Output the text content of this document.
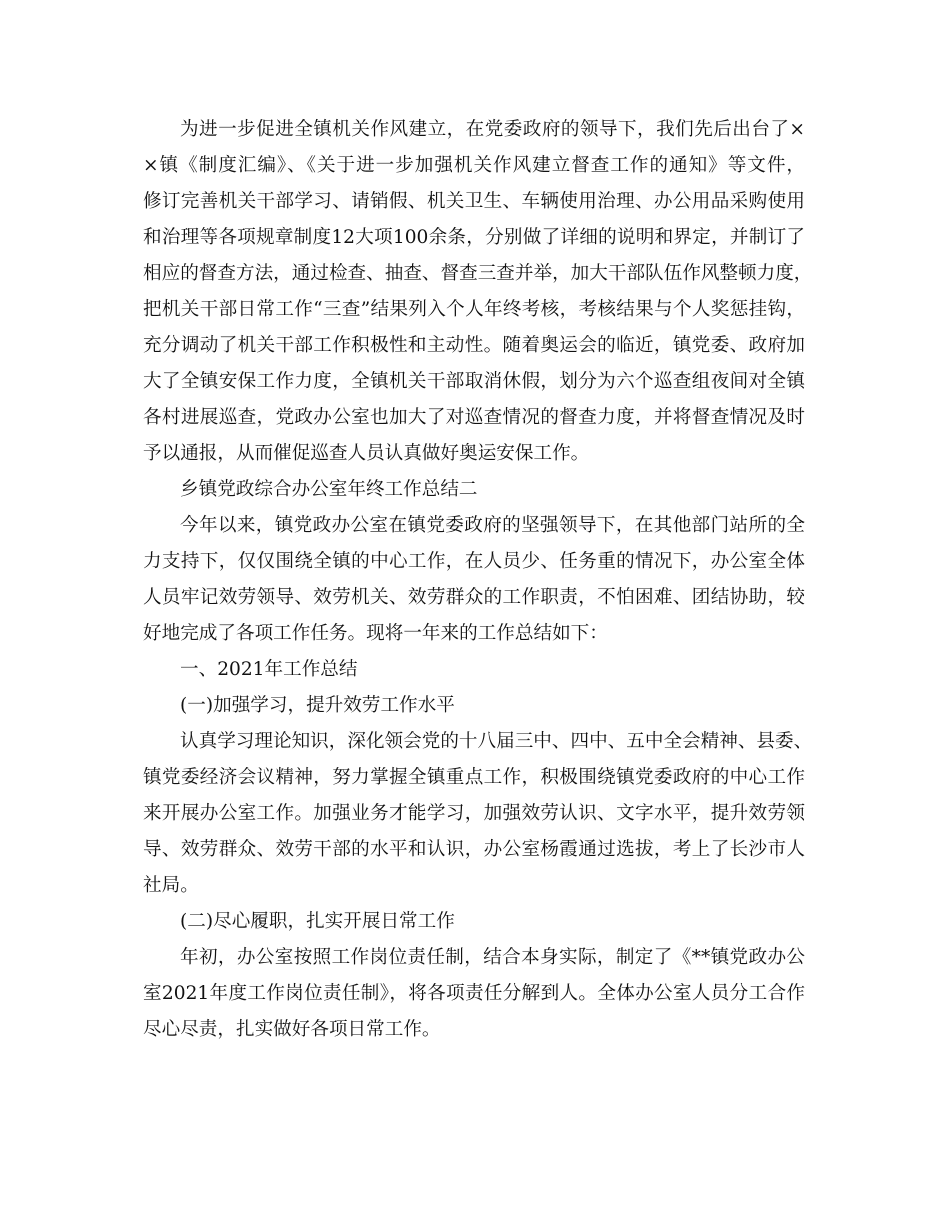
为进一步促进全镇机关作风建立，在党委政府的领导下，我们先后出台了×
×镇《制度汇编》、《关于进一步加强机关作风建立督查工作的通知》等文件，
修订完善机关干部学习、请销假、机关卫生、车辆使用治理、办公用品采购使用
和治理等各项规章制度12大项100余条，分别做了详细的说明和界定，并制订了
相应的督查方法，通过检查、抽查、督查三查并举，加大干部队伍作风整顿力度，
把机关干部日常工作“三查”结果列入个人年终考核，考核结果与个人奖惩挂钩，
充分调动了机关干部工作积极性和主动性。随着奥运会的临近，镇党委、政府加
大了全镇安保工作力度，全镇机关干部取消休假，划分为六个巡查组夜间对全镇
各村进展巡查，党政办公室也加大了对巡查情况的督查力度，并将督查情况及时
予以通报，从而催促巡查人员认真做好奥运安保工作。
乡镇党政综合办公室年终工作总结二
今年以来，镇党政办公室在镇党委政府的坚强领导下，在其他部门站所的全
力支持下，仅仅围绕全镇的中心工作，在人员少、任务重的情况下，办公室全体
人员牢记效劳领导、效劳机关、效劳群众的工作职责，不怕困难、团结协助，较
好地完成了各项工作任务。现将一年来的工作总结如下：
一、2021年工作总结
(一)加强学习，提升效劳工作水平
认真学习理论知识，深化领会党的十八届三中、四中、五中全会精神、县委、
镇党委经济会议精神，努力掌握全镇重点工作，积极围绕镇党委政府的中心工作
来开展办公室工作。加强业务才能学习，加强效劳认识、文字水平，提升效劳领
导、效劳群众、效劳干部的水平和认识，办公室杨霞通过选拔，考上了长沙市人
社局。
(二)尽心履职，扎实开展日常工作
年初，办公室按照工作岗位责任制，结合本身实际，制定了《**镇党政办公
室2021年度工作岗位责任制》，将各项责任分解到人。全体办公室人员分工合作
尽心尽责，扎实做好各项日常工作。
